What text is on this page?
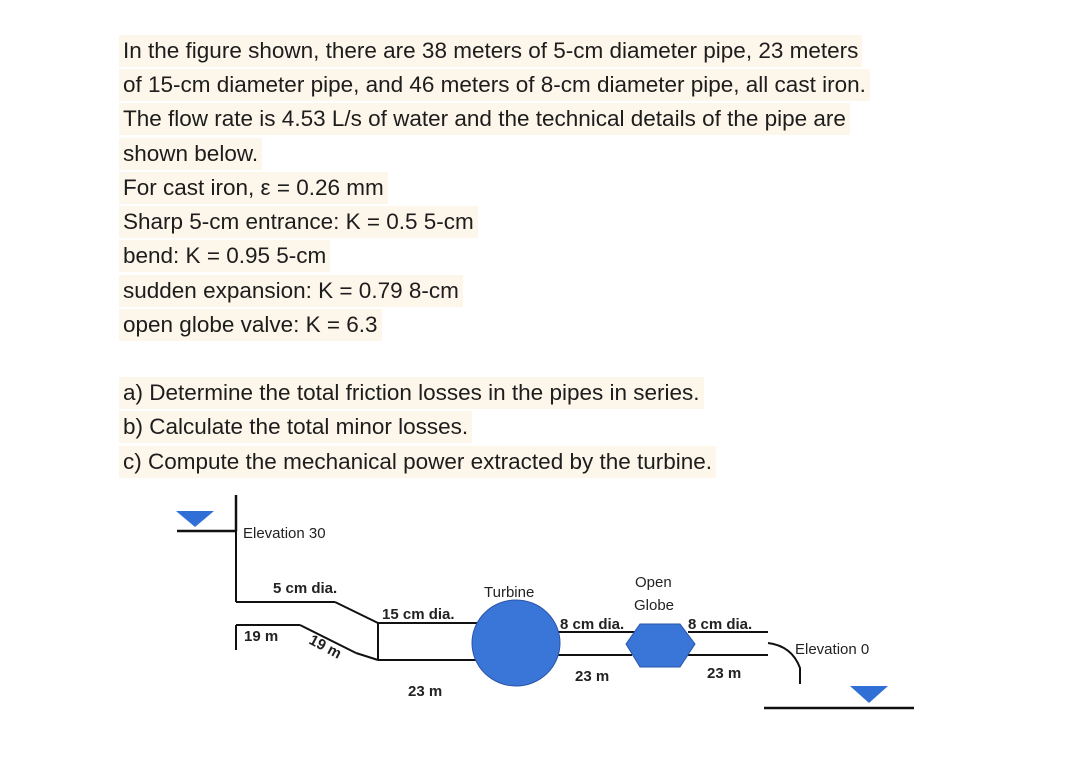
In the figure shown, there are 38 meters of 5-cm diameter pipe, 23 meters
of 15-cm diameter pipe, and 46 meters of 8-cm diameter pipe, all cast iron.
The flow rate is 4.53 L/s of water and the technical details of the pipe are
shown below.
For cast iron, ε = 0.26 mm
Sharp 5-cm entrance: K = 0.5 5-cm
bend: K = 0.95 5-cm
sudden expansion: K = 0.79 8-cm
open globe valve: K = 6.3
a) Determine the total friction losses in the pipes in series.
b) Calculate the total minor losses.
c) Compute the mechanical power extracted by the turbine.
Elevation 30
Elevation 0
5 cm dia.
15 cm dia.
Turbine
8 cm dia.
Open
Globe
8 cm dia.
19 m 19 m
23 m
23 m	23 m
